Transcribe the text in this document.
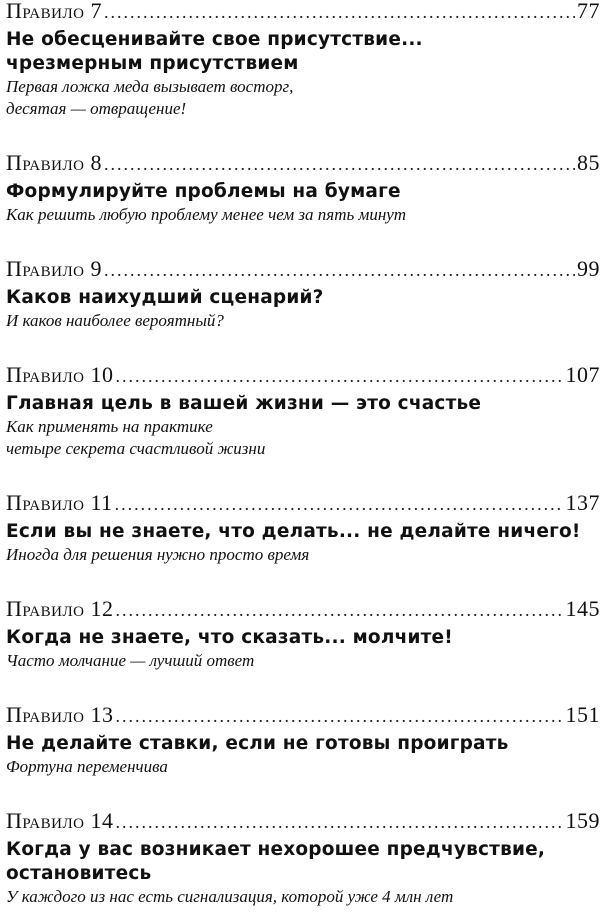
Правило 7 .....	77
Не обесценивайте свое присутствие...
чрезмерным присутствием
Первая ложка меда вызывает восторг,
десятая — отвращение!
Правило 8 .....	85
Формулируйте проблемы на бумаге
Как решить любую проблему менее чем за пять минут
Правило 9 .....	99
Каков наихудший сценарий?
И каков наиболее вероятный?
Правило 10 .....	107
Главная цель в вашей жизни — это счастье
Как применять на практике
четыре секрета счастливой жизни
Правило 11 .....	137
Если вы не знаете, что делать... не делайте ничего!
Иногда для решения нужно просто время
Правило 12 .....	145
Когда не знаете, что сказать... молчите!
Часто молчание — лучший ответ
Правило 13 .....	151
Не делайте ставки, если не готовы проиграть
Фортуна переменчива
Правило 14 .....	159
Когда у вас возникает нехорошее предчувствие,
остановитесь
У каждого из нас есть сигнализация, которой уже 4 млн лет
